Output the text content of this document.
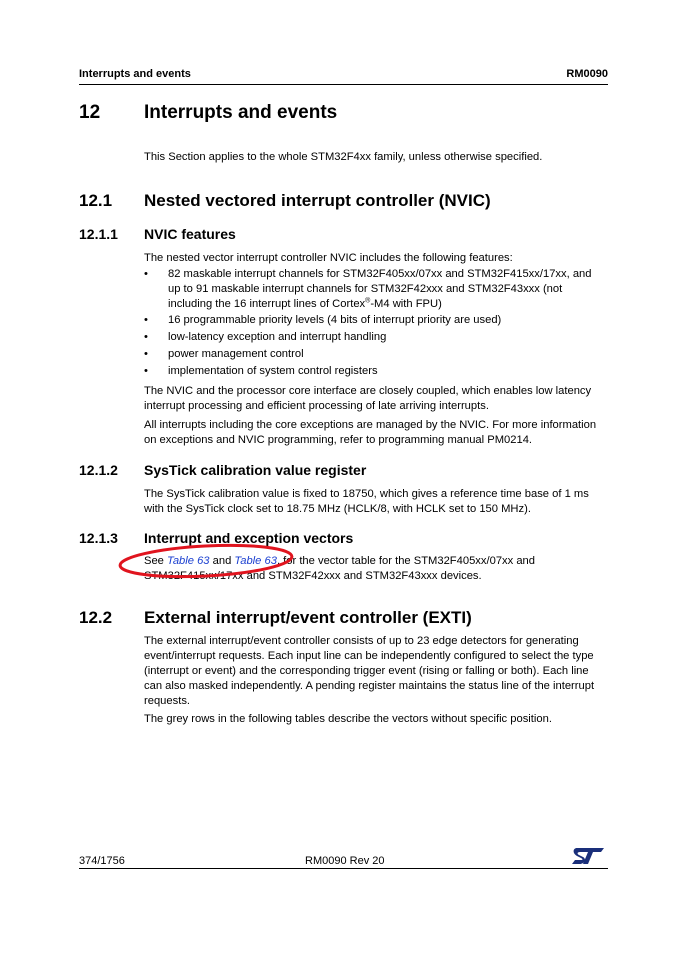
Interrupts and events	RM0090
12 Interrupts and events
This Section applies to the whole STM32F4xx family, unless otherwise specified.
12.1 Nested vectored interrupt controller (NVIC)
12.1.1 NVIC features
The nested vector interrupt controller NVIC includes the following features:
• 82 maskable interrupt channels for STM32F405xx/07xx and STM32F415xx/17xx, and
up to 91 maskable interrupt channels for STM32F42xxx and STM32F43xxx (not
including the 16 interrupt lines of Cortex®-M4 with FPU)
• 16 programmable priority levels (4 bits of interrupt priority are used)
• low-latency exception and interrupt handling
• power management control
• implementation of system control registers
The NVIC and the processor core interface are closely coupled, which enables low latency
interrupt processing and efficient processing of late arriving interrupts.
All interrupts including the core exceptions are managed by the NVIC. For more information
on exceptions and NVIC programming, refer to programming manual PM0214.
12.1.2 SysTick calibration value register
The SysTick calibration value is fixed to 18750, which gives a reference time base of 1 ms
with the SysTick clock set to 18.75 MHz (HCLK/8, with HCLK set to 150 MHz).
12.1.3 Interrupt and exception vectors
See Table 63 and Table 63, for the vector table for the STM32F405xx/07xx and
STM32F415xx/17xx and STM32F42xxx and STM32F43xxx devices.
12.2 External interrupt/event controller (EXTI)
The external interrupt/event controller consists of up to 23 edge detectors for generating
event/interrupt requests. Each input line can be independently configured to select the type
(interrupt or event) and the corresponding trigger event (rising or falling or both). Each line
can also masked independently. A pending register maintains the status line of the interrupt
requests.
The grey rows in the following tables describe the vectors without specific position.
374/1756	RM0090 Rev 20
